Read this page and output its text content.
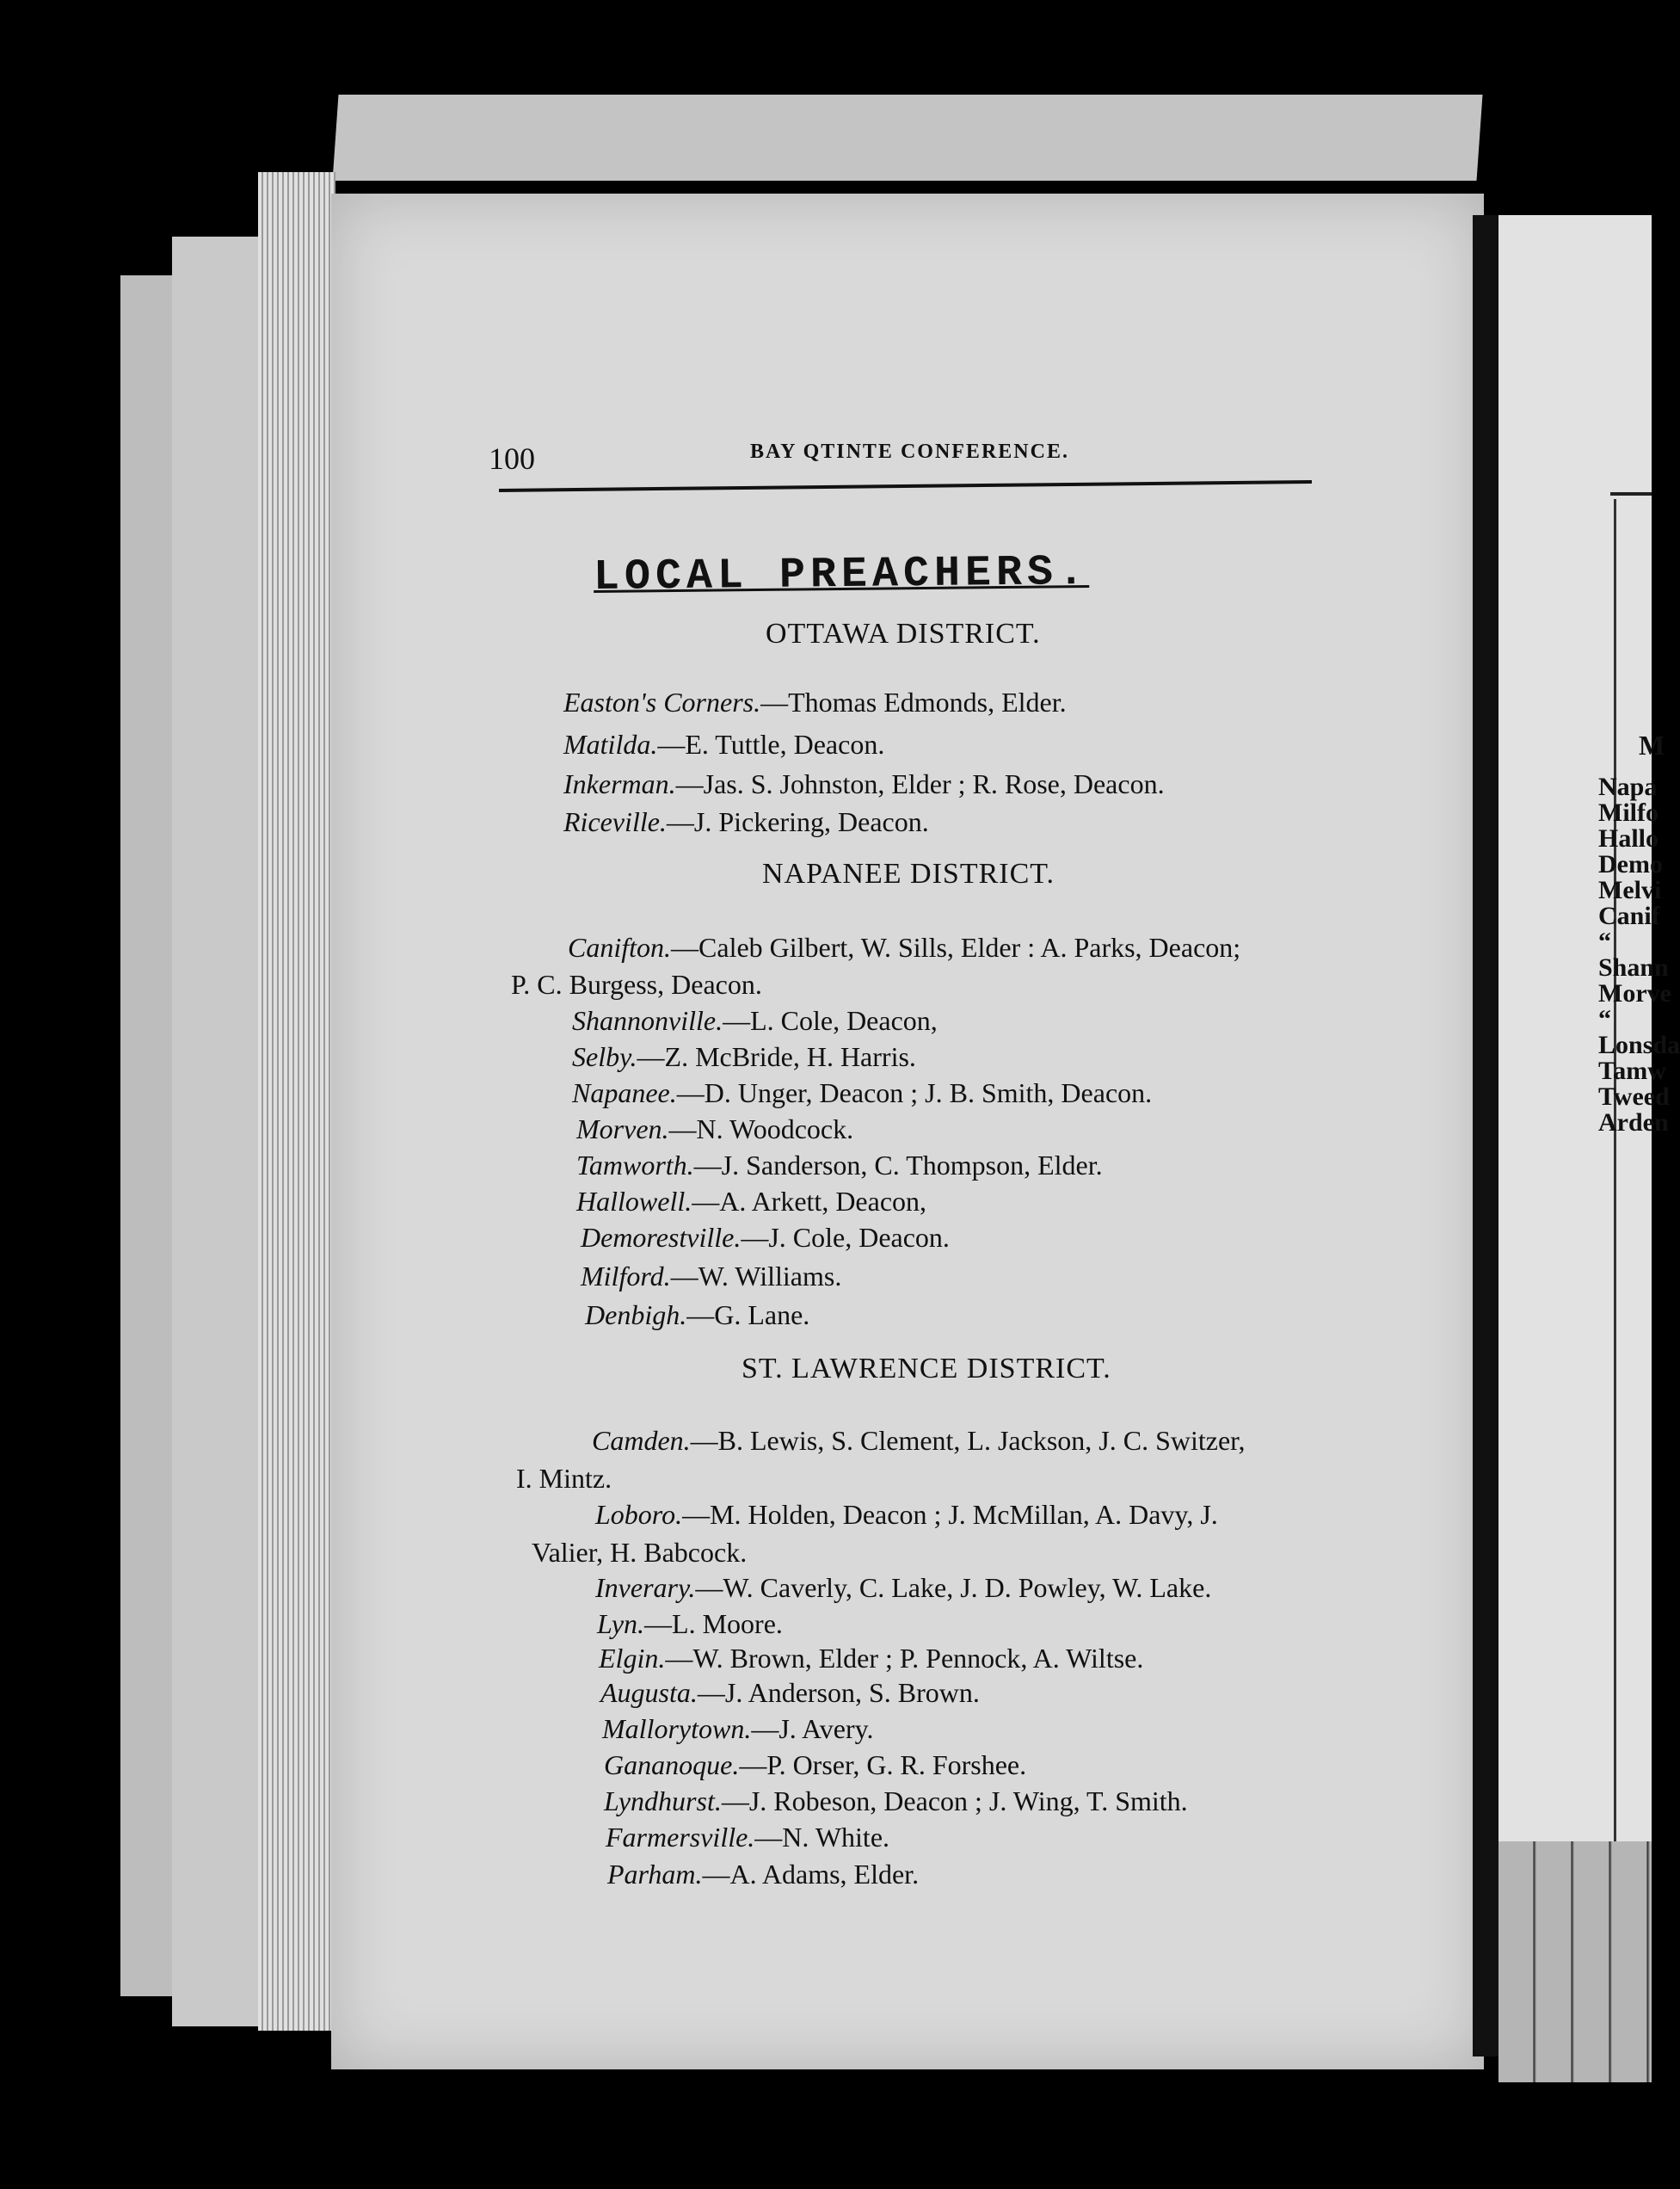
M
Napa
Milfo
Hallo
Demo
Melvi
Canif
“
Shann
Morve
“
Lonsda
Tamw
Tweed
Arden
100	BAY QTINTE CONFERENCE.
LOCAL PREACHERS.
OTTAWA DISTRICT.
Easton's Corners.—Thomas Edmonds, Elder.
Matilda.—E. Tuttle, Deacon.
Inkerman.—Jas. S. Johnston, Elder ; R. Rose, Deacon.
Riceville.—J. Pickering, Deacon.
NAPANEE DISTRICT.
Canifton.—Caleb Gilbert, W. Sills, Elder : A. Parks, Deacon;
P. C. Burgess, Deacon.
Shannonville.—L. Cole, Deacon,
Selby.—Z. McBride, H. Harris.
Napanee.—D. Unger, Deacon ; J. B. Smith, Deacon.
Morven.—N. Woodcock.
Tamworth.—J. Sanderson, C. Thompson, Elder.
Hallowell.—A. Arkett, Deacon,
Demorestville.—J. Cole, Deacon.
Milford.—W. Williams.
Denbigh.—G. Lane.
ST. LAWRENCE DISTRICT.
Camden.—B. Lewis, S. Clement, L. Jackson, J. C. Switzer,
I. Mintz.
Loboro.—M. Holden, Deacon ; J. McMillan, A. Davy, J.
Valier, H. Babcock.
Inverary.—W. Caverly, C. Lake, J. D. Powley, W. Lake.
Lyn.—L. Moore.
Elgin.—W. Brown, Elder ; P. Pennock, A. Wiltse.
Augusta.—J. Anderson, S. Brown.
Mallorytown.—J. Avery.
Gananoque.—P. Orser, G. R. Forshee.
Lyndhurst.—J. Robeson, Deacon ; J. Wing, T. Smith.
Farmersville.—N. White.
Parham.—A. Adams, Elder.
